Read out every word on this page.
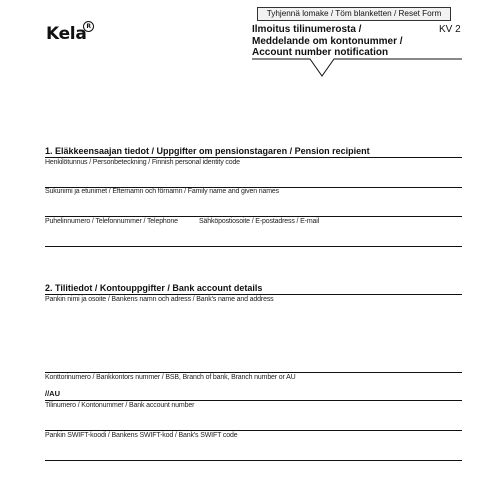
Tyhjennä lomake / Töm blanketten / Reset Form
Kela R	Ilmoitus tilinumerosta /
Meddelande om kontonummer /
Account number notification
KV 2
1. Eläkkeensaajan tiedot / Uppgifter om pensionstagaren / Pension recipient
Henkilötunnus / Personbeteckning / Finnish personal identity code
Sukunimi ja etunimet / Efternamn och förnamn / Family name and given names
Puhelinnumero / Telefonnummer / Telephone	Sähköpostiosoite / E-postadress / E-mail
2. Tilitiedot / Kontouppgifter / Bank account details
Pankin nimi ja osoite / Bankens namn och adress / Bank's name and address
Konttorinumero / Bankkontors nummer / BSB, Branch of bank, Branch number or AU
//AU
Tilinumero / Kontonummer / Bank account number
Pankin SWIFT-koodi / Bankens SWIFT-kod / Bank's SWIFT code
